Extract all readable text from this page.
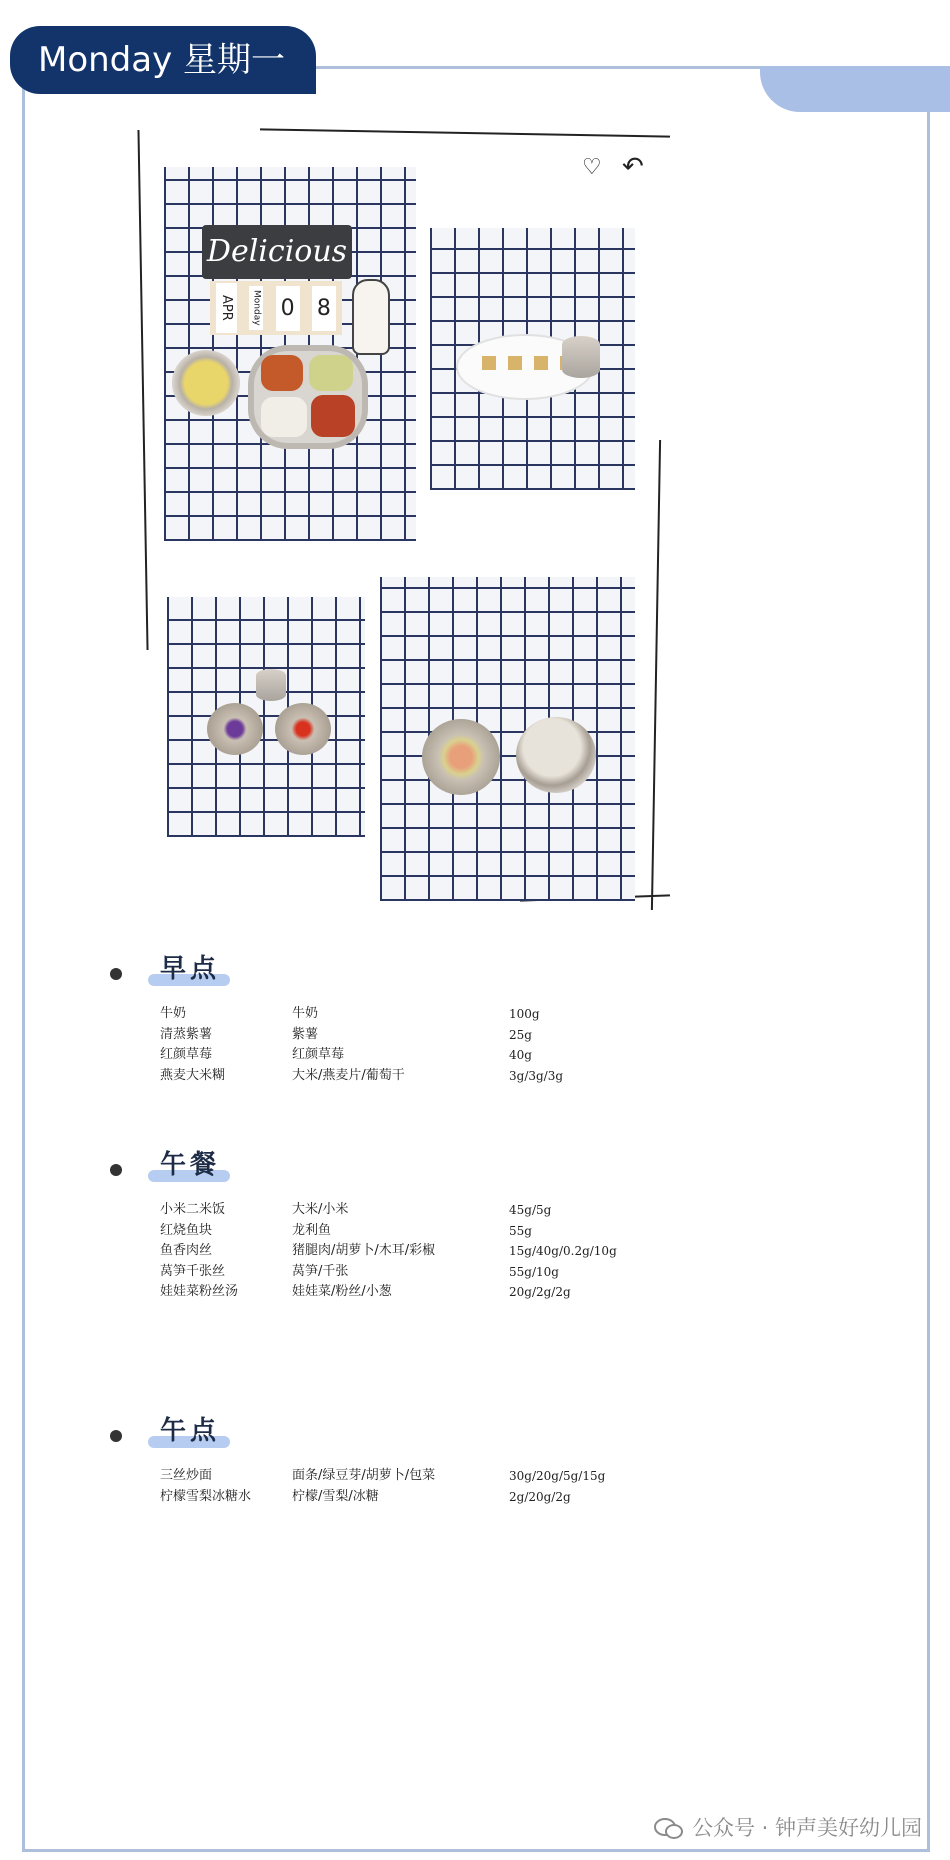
Monday 星期一
♡ ↶
Delicious
APR	Monday 0 8
早点
牛奶	牛奶	100g
清蒸紫薯	紫薯	25g
红颜草莓	红颜草莓	40g
燕麦大米糊	大米/燕麦片/葡萄干	3g/3g/3g
午餐
小米二米饭	大米/小米	45g/5g
红烧鱼块	龙利鱼	55g
鱼香肉丝	猪腿肉/胡萝卜/木耳/彩椒	15g/40g/0.2g/10g
莴笋千张丝	莴笋/千张	55g/10g
娃娃菜粉丝汤	娃娃菜/粉丝/小葱	20g/2g/2g
午点
三丝炒面	面条/绿豆芽/胡萝卜/包菜	30g/20g/5g/15g
柠檬雪梨冰糖水	柠檬/雪梨/冰糖	2g/20g/2g
公众号 · 钟声美好幼儿园
